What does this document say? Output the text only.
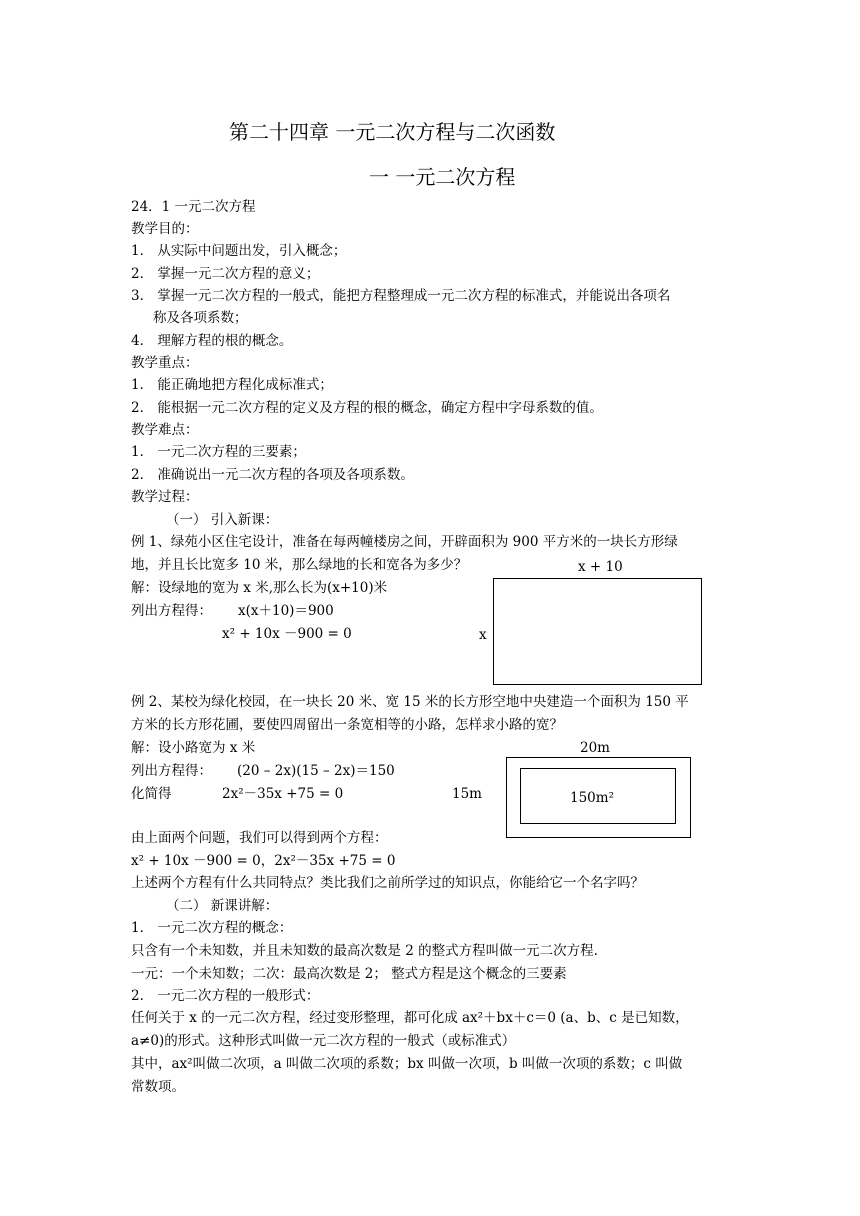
第二十四章 一元二次方程与二次函数
一 一元二次方程
24．1 一元二次方程
教学目的：
1． 从实际中问题出发，引入概念；
2． 掌握一元二次方程的意义；
3． 掌握一元二次方程的一般式，能把方程整理成一元二次方程的标准式，并能说出各项名
称及各项系数；
4． 理解方程的根的概念。
教学重点：
1． 能正确地把方程化成标准式；
2． 能根据一元二次方程的定义及方程的根的概念，确定方程中字母系数的值。
教学难点：
1． 一元二次方程的三要素；
2． 准确说出一元二次方程的各项及各项系数。
教学过程：
（一） 引入新课：
例 1、绿苑小区住宅设计，准备在每两幢楼房之间，开辟面积为 900 平方米的一块长方形绿
地，并且长比宽多 10 米，那么绿地的长和宽各为多少？
解：设绿地的宽为 x 米,那么长为(x+10)米
列出方程得： x(x＋10)＝900
x² + 10x －900 = 0
x + 10
x
例 2、某校为绿化校园，在一块长 20 米、宽 15 米的长方形空地中央建造一个面积为 150 平
方米的长方形花圃，要使四周留出一条宽相等的小路，怎样求小路的宽？
解：设小路宽为 x 米
列出方程得： (20 – 2x)(15 – 2x)＝150
化简得	2x²－35x +75 = 0
20m
150m²
15m
由上面两个问题，我们可以得到两个方程：
x² + 10x －900 = 0，2x²－35x +75 = 0
上述两个方程有什么共同特点？类比我们之前所学过的知识点，你能给它一个名字吗？
（二） 新课讲解：
1． 一元二次方程的概念：
只含有一个未知数，并且未知数的最高次数是 2 的整式方程叫做一元二次方程.
一元：一个未知数；二次：最高次数是 2； 整式方程是这个概念的三要素
2． 一元二次方程的一般形式：
任何关于 x 的一元二次方程，经过变形整理，都可化成 ax²＋bx＋c＝0 (a、b、c 是已知数，
a≠0)的形式。这种形式叫做一元二次方程的一般式（或标准式）
其中，ax²叫做二次项，a 叫做二次项的系数；bx 叫做一次项，b 叫做一次项的系数；c 叫做
常数项。
